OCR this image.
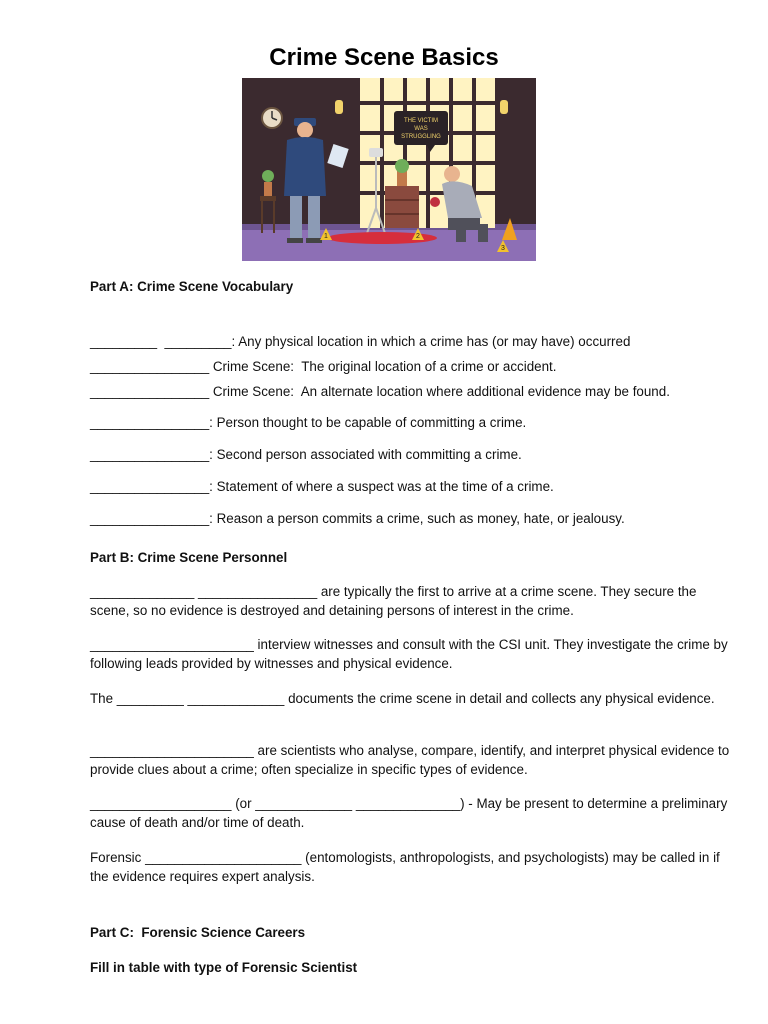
Crime Scene Basics
THE VICTIM
WAS
STRUGGLING
1	2
3
Part A: Crime Scene Vocabulary
_________  _________: Any physical location in which a crime has (or may have) occurred
________________ Crime Scene:  The original location of a crime or accident.
________________ Crime Scene:  An alternate location where additional evidence may be found.
________________: Person thought to be capable of committing a crime.
________________: Second person associated with committing a crime.
________________: Statement of where a suspect was at the time of a crime.
________________: Reason a person commits a crime, such as money, hate, or jealousy.
Part B: Crime Scene Personnel
______________ ________________ are typically the first to arrive at a crime scene. They secure the scene, so no evidence is destroyed and detaining persons of interest in the crime.
______________________ interview witnesses and consult with the CSI unit. They investigate the crime by following leads provided by witnesses and physical evidence.
The _________ _____________ documents the crime scene in detail and collects any physical evidence.
______________________ are scientists who analyse, compare, identify, and interpret physical evidence to provide clues about a crime; often specialize in specific types of evidence.
___________________ (or _____________ ______________) - May be present to determine a preliminary cause of death and/or time of death.
Forensic _____________________ (entomologists, anthropologists, and psychologists) may be called in if the evidence requires expert analysis.
Part C:  Forensic Science Careers
Fill in table with type of Forensic Scientist
